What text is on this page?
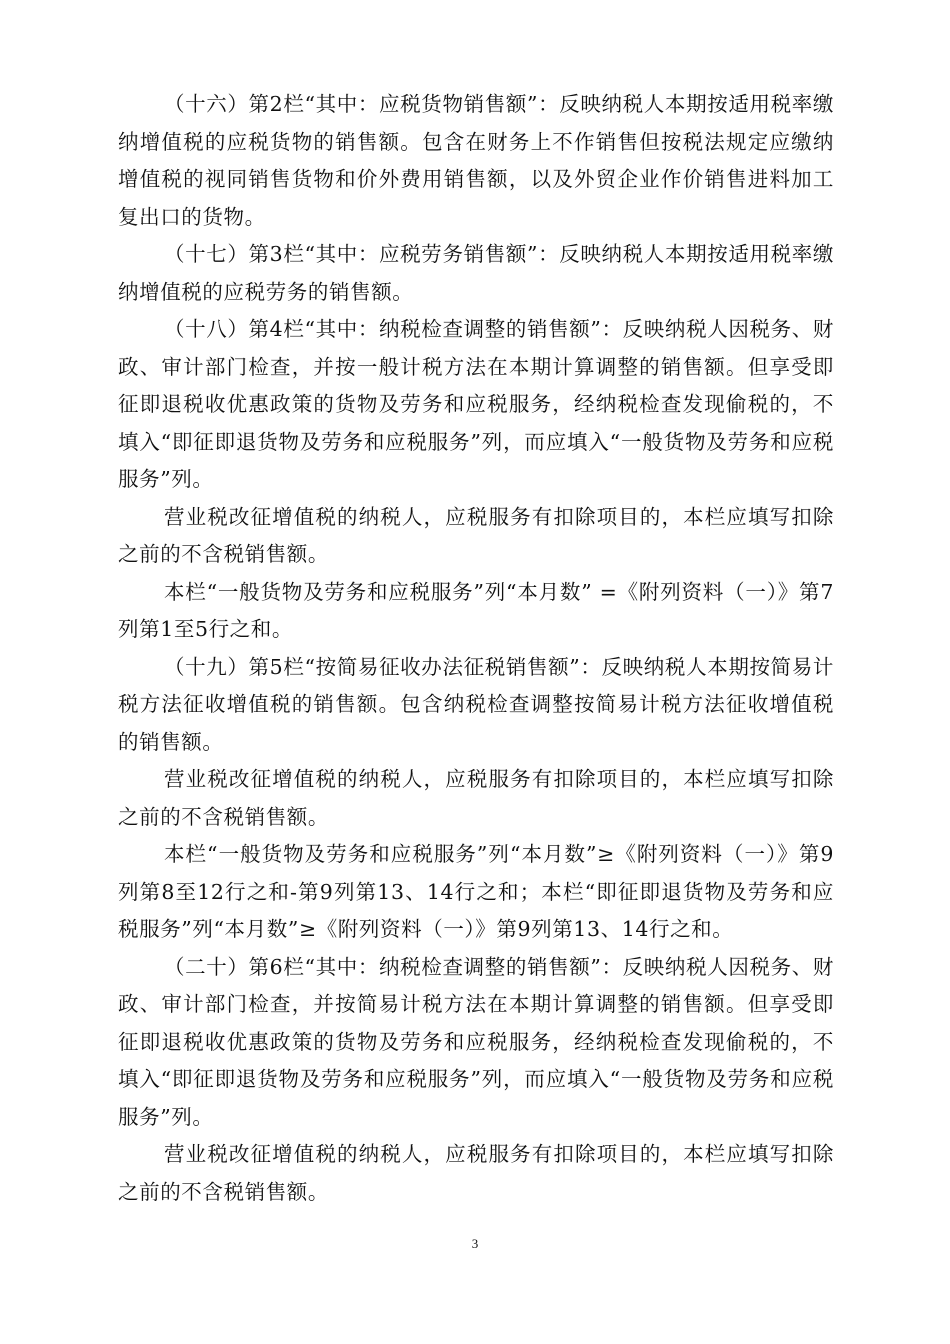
（十六）第2栏“其中：应税货物销售额”：反映纳税人本期按适用税率缴纳增值税的应税货物的销售额。包含在财务上不作销售但按税法规定应缴纳增值税的视同销售货物和价外费用销售额，以及外贸企业作价销售进料加工复出口的货物。

（十七）第3栏“其中：应税劳务销售额”：反映纳税人本期按适用税率缴纳增值税的应税劳务的销售额。

（十八）第4栏“其中：纳税检查调整的销售额”：反映纳税人因税务、财政、审计部门检查，并按一般计税方法在本期计算调整的销售额。但享受即征即退税收优惠政策的货物及劳务和应税服务，经纳税检查发现偷税的，不填入“即征即退货物及劳务和应税服务”列，而应填入“一般货物及劳务和应税服务”列。

营业税改征增值税的纳税人，应税服务有扣除项目的，本栏应填写扣除之前的不含税销售额。

本栏“一般货物及劳务和应税服务”列“本月数” =《附列资料（一）》第7列第1至5行之和。

（十九）第5栏“按简易征收办法征税销售额”：反映纳税人本期按简易计税方法征收增值税的销售额。包含纳税检查调整按简易计税方法征收增值税的销售额。

营业税改征增值税的纳税人，应税服务有扣除项目的，本栏应填写扣除之前的不含税销售额。

本栏“一般货物及劳务和应税服务”列“本月数”≥《附列资料（一）》第9列第8至12行之和-第9列第13、14行之和；本栏“即征即退货物及劳务和应税服务”列“本月数”≥《附列资料（一）》第9列第13、14行之和。

（二十）第6栏“其中：纳税检查调整的销售额”：反映纳税人因税务、财政、审计部门检查，并按简易计税方法在本期计算调整的销售额。但享受即征即退税收优惠政策的货物及劳务和应税服务，经纳税检查发现偷税的，不填入“即征即退货物及劳务和应税服务”列，而应填入“一般货物及劳务和应税服务”列。

营业税改征增值税的纳税人，应税服务有扣除项目的，本栏应填写扣除之前的不含税销售额。

3
